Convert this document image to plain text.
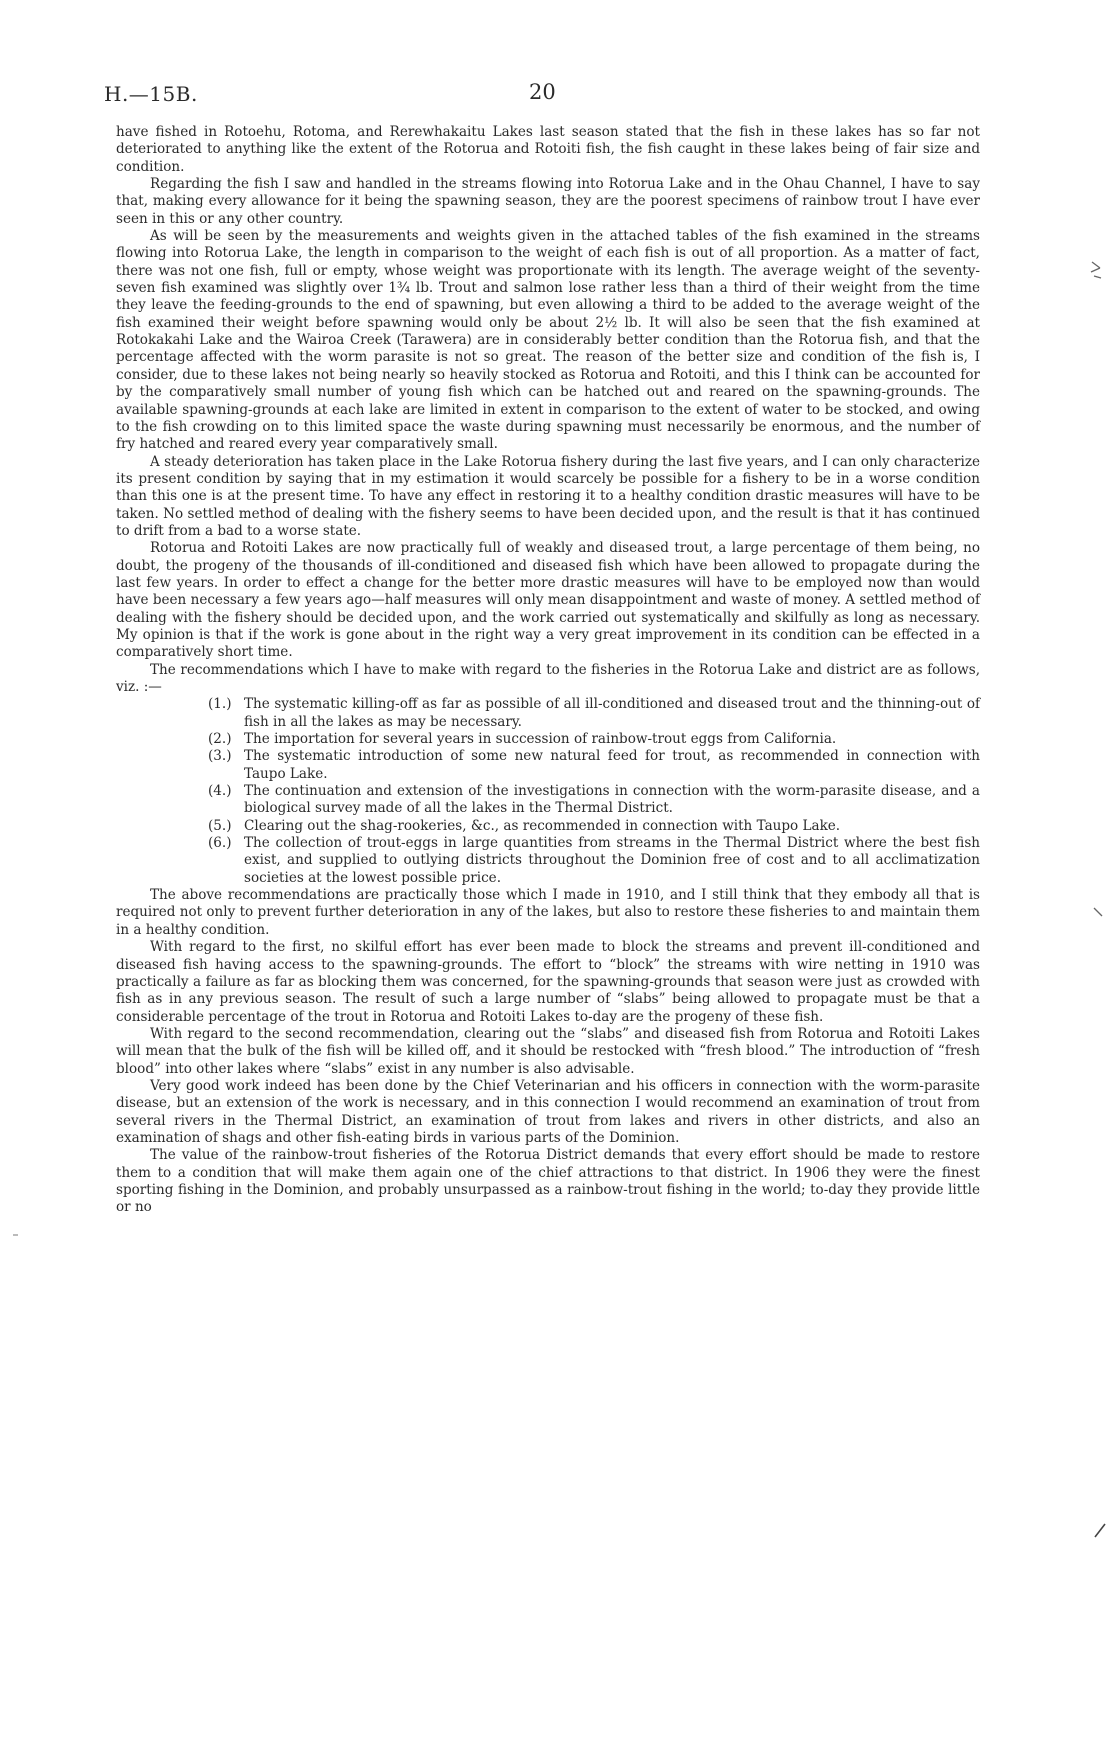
H.—15B.	20

have fished in Rotoehu, Rotoma, and Rerewhakaitu Lakes last season stated that the fish in these lakes has so far not deteriorated to anything like the extent of the Rotorua and Rotoiti fish, the fish caught in these lakes being of fair size and condition.

Regarding the fish I saw and handled in the streams flowing into Rotorua Lake and in the Ohau Channel, I have to say that, making every allowance for it being the spawning season, they are the poorest specimens of rainbow trout I have ever seen in this or any other country.

As will be seen by the measurements and weights given in the attached tables of the fish examined in the streams flowing into Rotorua Lake, the length in comparison to the weight of each fish is out of all proportion. As a matter of fact, there was not one fish, full or empty, whose weight was proportionate with its length. The average weight of the seventy-seven fish examined was slightly over 1¾ lb. Trout and salmon lose rather less than a third of their weight from the time they leave the feeding-grounds to the end of spawning, but even allowing a third to be added to the average weight of the fish examined their weight before spawning would only be about 2½ lb. It will also be seen that the fish examined at Rotokakahi Lake and the Wairoa Creek (Tarawera) are in considerably better condition than the Rotorua fish, and that the percentage affected with the worm parasite is not so great. The reason of the better size and condition of the fish is, I consider, due to these lakes not being nearly so heavily stocked as Rotorua and Rotoiti, and this I think can be accounted for by the comparatively small number of young fish which can be hatched out and reared on the spawning-grounds. The available spawning-grounds at each lake are limited in extent in comparison to the extent of water to be stocked, and owing to the fish crowding on to this limited space the waste during spawning must necessarily be enormous, and the number of fry hatched and reared every year comparatively small.

A steady deterioration has taken place in the Lake Rotorua fishery during the last five years, and I can only characterize its present condition by saying that in my estimation it would scarcely be possible for a fishery to be in a worse condition than this one is at the present time. To have any effect in restoring it to a healthy condition drastic measures will have to be taken. No settled method of dealing with the fishery seems to have been decided upon, and the result is that it has continued to drift from a bad to a worse state.

Rotorua and Rotoiti Lakes are now practically full of weakly and diseased trout, a large percentage of them being, no doubt, the progeny of the thousands of ill-conditioned and diseased fish which have been allowed to propagate during the last few years. In order to effect a change for the better more drastic measures will have to be employed now than would have been necessary a few years ago—half measures will only mean disappointment and waste of money. A settled method of dealing with the fishery should be decided upon, and the work carried out systematically and skilfully as long as necessary. My opinion is that if the work is gone about in the right way a very great improvement in its condition can be effected in a comparatively short time.

The recommendations which I have to make with regard to the fisheries in the Rotorua Lake and district are as follows, viz. :—

(1.) The systematic killing-off as far as possible of all ill-conditioned and diseased trout and the thinning-out of fish in all the lakes as may be necessary.
(2.) The importation for several years in succession of rainbow-trout eggs from California.
(3.) The systematic introduction of some new natural feed for trout, as recommended in connection with Taupo Lake.
(4.) The continuation and extension of the investigations in connection with the worm-parasite disease, and a biological survey made of all the lakes in the Thermal District.
(5.) Clearing out the shag-rookeries, &c., as recommended in connection with Taupo Lake.
(6.) The collection of trout-eggs in large quantities from streams in the Thermal District where the best fish exist, and supplied to outlying districts throughout the Dominion free of cost and to all acclimatization societies at the lowest possible price.

The above recommendations are practically those which I made in 1910, and I still think that they embody all that is required not only to prevent further deterioration in any of the lakes, but also to restore these fisheries to and maintain them in a healthy condition.

With regard to the first, no skilful effort has ever been made to block the streams and prevent ill-conditioned and diseased fish having access to the spawning-grounds. The effort to “block” the streams with wire netting in 1910 was practically a failure as far as blocking them was concerned, for the spawning-grounds that season were just as crowded with fish as in any previous season. The result of such a large number of “slabs” being allowed to propagate must be that a considerable percentage of the trout in Rotorua and Rotoiti Lakes to-day are the progeny of these fish.

With regard to the second recommendation, clearing out the “slabs” and diseased fish from Rotorua and Rotoiti Lakes will mean that the bulk of the fish will be killed off, and it should be restocked with “fresh blood.” The introduction of “fresh blood” into other lakes where “slabs” exist in any number is also advisable.

Very good work indeed has been done by the Chief Veterinarian and his officers in connection with the worm-parasite disease, but an extension of the work is necessary, and in this connection I would recommend an examination of trout from several rivers in the Thermal District, an examination of trout from lakes and rivers in other districts, and also an examination of shags and other fish-eating birds in various parts of the Dominion.

The value of the rainbow-trout fisheries of the Rotorua District demands that every effort should be made to restore them to a condition that will make them again one of the chief attractions to that district. In 1906 they were the finest sporting fishing in the Dominion, and probably unsurpassed as a rainbow-trout fishing in the world; to-day they provide little or no
